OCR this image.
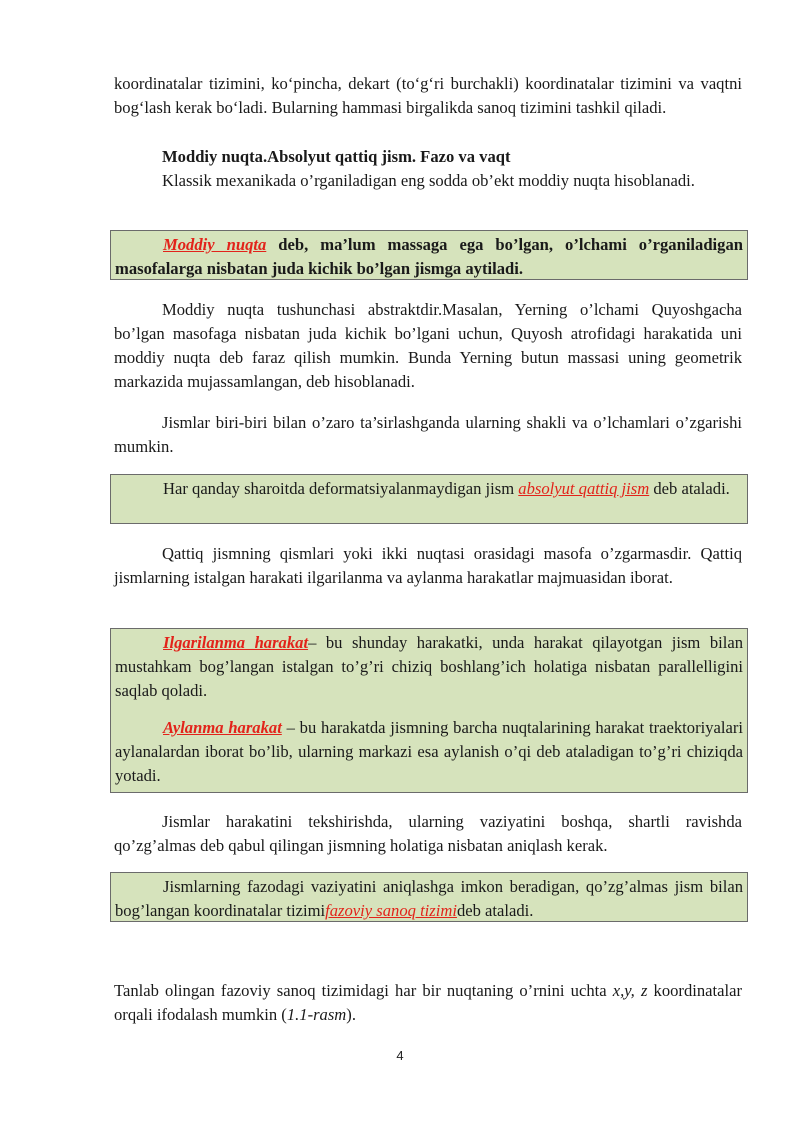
koordinatalar tizimini, ko‘pincha, dekart (to‘g‘ri burchakli) koordinatalar tizimini va vaqtni bog‘lash kerak bo‘ladi. Bularning hammasi birgalikda sanoq tizimini tashkil qiladi.

Moddiy nuqta.Absolyut qattiq jism. Fazo va vaqt

Klassik mexanikada o’rganiladigan eng sodda ob’ekt moddiy nuqta hisoblanadi.

Moddiy nuqta deb, ma’lum massaga ega bo’lgan, o’lchami o’rganiladigan masofalarga nisbatan juda kichik bo’lgan jismga aytiladi.

Moddiy nuqta tushunchasi abstraktdir.Masalan, Yerning o’lchami Quyoshgacha bo’lgan masofaga nisbatan juda kichik bo’lgani uchun, Quyosh atrofidagi harakatida uni moddiy nuqta deb faraz qilish mumkin. Bunda Yerning butun massasi uning geometrik markazida mujassamlangan, deb hisoblanadi.

Jismlar biri-biri bilan o’zaro ta’sirlashganda ularning shakli va o’lchamlari o’zgarishi mumkin.

Har qanday sharoitda deformatsiyalanmaydigan jism absolyut qattiq jism deb ataladi.

Qattiq jismning qismlari yoki ikki nuqtasi orasidagi masofa o’zgarmasdir. Qattiq jismlarning istalgan harakati ilgarilanma va aylanma harakatlar majmuasidan iborat.

Ilgarilanma harakat– bu shunday harakatki, unda harakat qilayotgan jism bilan mustahkam bog’langan istalgan to’g’ri chiziq boshlang’ich holatiga nisbatan parallelligini saqlab qoladi.

Aylanma harakat – bu harakatda jismning barcha nuqtalarining harakat traektoriyalari aylanalardan iborat bo’lib, ularning markazi esa aylanish o’qi deb ataladigan to’g’ri chiziqda yotadi.

Jismlar harakatini tekshirishda, ularning vaziyatini boshqa, shartli ravishda qo’zg’almas deb qabul qilingan jismning holatiga nisbatan aniqlash kerak.

Jismlarning fazodagi vaziyatini aniqlashga imkon beradigan, qo’zg’almas jism bilan bog’langan koordinatalar tizimifazoviy sanoq tizimideb ataladi.

Tanlab olingan fazoviy sanoq tizimidagi har bir nuqtaning o’rnini uchta x,y, z koordinatalar orqali ifodalash mumkin (1.1-rasm).

4
